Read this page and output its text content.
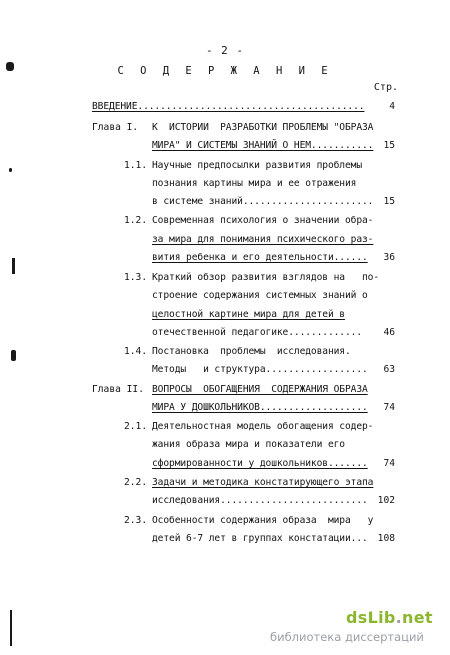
- 2 -
С О Д Е Р Ж А Н И Е
Стр.
ВВЕДЕНИЕ........................................	4
Глава I. К  ИСТОРИИ  РАЗРАБОТКИ ПРОБЛЕМЫ "ОБРАЗА
МИРА" И СИСТЕМЫ ЗНАНИЙ О НЕМ........... 15
1.1. Научные предпосылки развития проблемы
познания картины мира и ее отражения
в системе знаний....................... 15
1.2. Современная психология о значении обра-
за мира для понимания психического раз-
вития ребенка и его деятельности...... 36
1.3. Краткий обзор развития взглядов на   по-
строение содержания системных знаний о
целостной картине мира для детей в
отечественной педагогике............. 46
1.4. Постановка  проблемы  исследования.
Методы   и структура.................. 63
Глава II. ВОПРОСЫ  ОБОГАЩЕНИЯ  СОДЕРЖАНИЯ ОБРАЗА
МИРА У ДОШКОЛЬНИКОВ................... 74
2.1. Деятельностная модель обогащения содер-
жания образа мира и показатели его
сформированности у дошкольников....... 74
2.2. Задачи и методика констатирующего этапа
исследования.......................... 102
2.3. Особенности содержания образа  мира   у
детей 6-7 лет в группах констатации... 108
dsLib.net
библиотека диссертаций
